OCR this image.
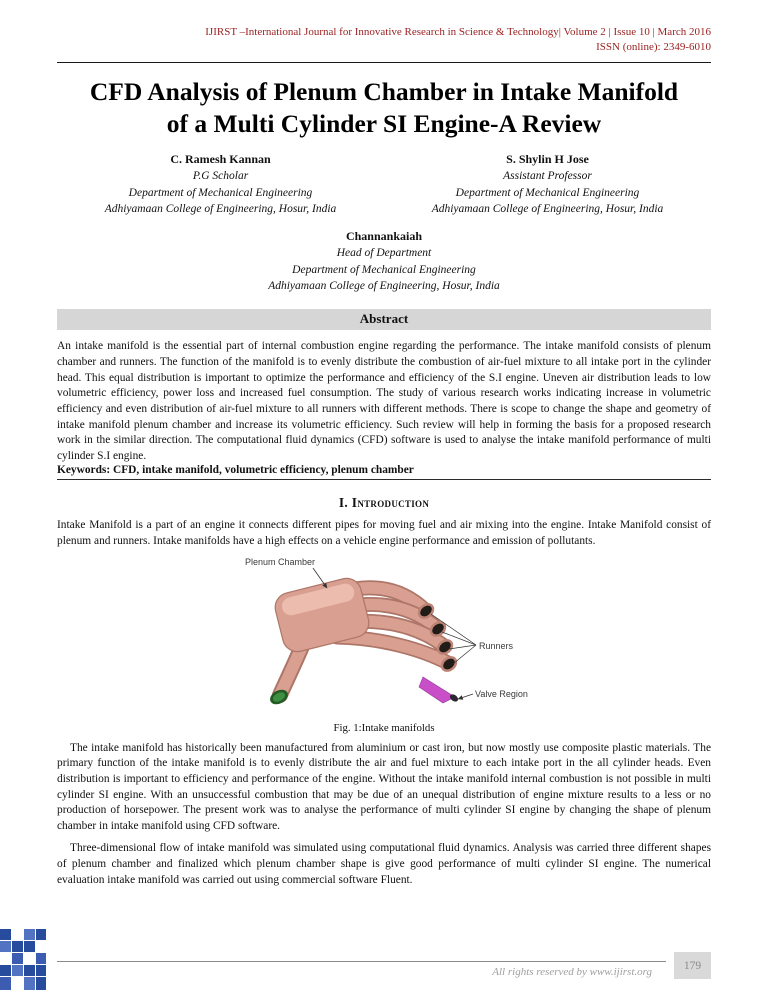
IJIRST –International Journal for Innovative Research in Science & Technology| Volume 2 | Issue 10 | March 2016
ISSN (online): 2349-6010
CFD Analysis of Plenum Chamber in Intake Manifold of a Multi Cylinder SI Engine-A Review
C. Ramesh Kannan
P.G Scholar
Department of Mechanical Engineering
Adhiyamaan College of Engineering, Hosur, India
S. Shylin H Jose
Assistant Professor
Department of Mechanical Engineering
Adhiyamaan College of Engineering, Hosur, India
Channankaiah
Head of Department
Department of Mechanical Engineering
Adhiyamaan College of Engineering, Hosur, India
Abstract

An intake manifold is the essential part of internal combustion engine regarding the performance. The intake manifold consists of plenum chamber and runners. The function of the manifold is to evenly distribute the combustion of air-fuel mixture to all intake port in the cylinder head. This equal distribution is important to optimize the performance and efficiency of the S.I engine. Uneven air distribution leads to low volumetric efficiency, power loss and increased fuel consumption. The study of various research works indicating increase in volumetric efficiency and even distribution of air-fuel mixture to all runners with different methods. There is scope to change the shape and geometry of intake manifold plenum chamber and increase its volumetric efficiency. Such review will help in forming the basis for a proposed research work in the similar direction. The computational fluid dynamics (CFD) software is used to analyse the intake manifold performance of multi cylinder S.I engine.

Keywords: CFD, intake manifold, volumetric efficiency, plenum chamber

I. Introduction

Intake Manifold is a part of an engine it connects different pipes for moving fuel and air mixing into the engine. Intake Manifold consist of plenum and runners. Intake manifolds have a high effects on a vehicle engine performance and emission of pollutants.

Plenum Chamber
Runners
Valve Region
Fig. 1:Intake manifolds

The intake manifold has historically been manufactured from aluminium or cast iron, but now mostly use composite plastic materials. The primary function of the intake manifold is to evenly distribute the air and fuel mixture to each intake port in the all cylinder heads. Even distribution is important to efficiency and performance of the engine. Without the intake manifold internal combustion is not possible in multi cylinder SI engine. With an unsuccessful combustion that may be due of an unequal distribution of engine mixture results to a less or no production of horsepower. The present work was to analyse the performance of multi cylinder SI engine by changing the shape of plenum chamber in intake manifold using CFD software.

Three-dimensional flow of intake manifold was simulated using computational fluid dynamics. Analysis was carried three different shapes of plenum chamber and finalized which plenum chamber shape is give good performance of multi cylinder SI engine. The numerical evaluation intake manifold was carried out using commercial software Fluent.

All rights reserved by www.ijirst.org
179
